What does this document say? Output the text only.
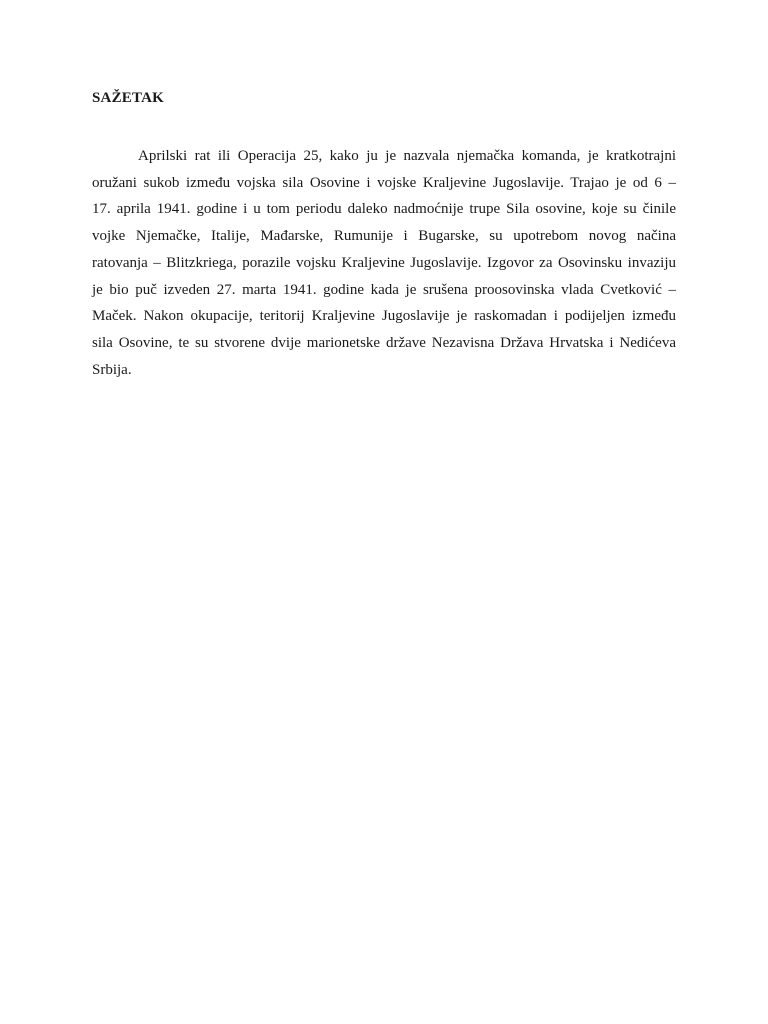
SAŽETAK
Aprilski rat ili Operacija 25, kako ju je nazvala njemačka komanda, je kratkotrajni
oružani sukob između vojska sila Osovine i vojske Kraljevine Jugoslavije. Trajao je od 6 –
17. aprila 1941. godine i u tom periodu daleko nadmoćnije trupe Sila osovine, koje su činile
vojke Njemačke, Italije, Mađarske, Rumunije i Bugarske, su upotrebom novog načina
ratovanja – Blitzkriega, porazile vojsku Kraljevine Jugoslavije. Izgovor za Osovinsku invaziju
je bio puč izveden 27. marta 1941. godine kada je srušena proosovinska vlada Cvetković –
Maček. Nakon okupacije, teritorij Kraljevine Jugoslavije je raskomadan i podijeljen između
sila Osovine, te su stvorene dvije marionetske države Nezavisna Država Hrvatska i Nedićeva
Srbija.
